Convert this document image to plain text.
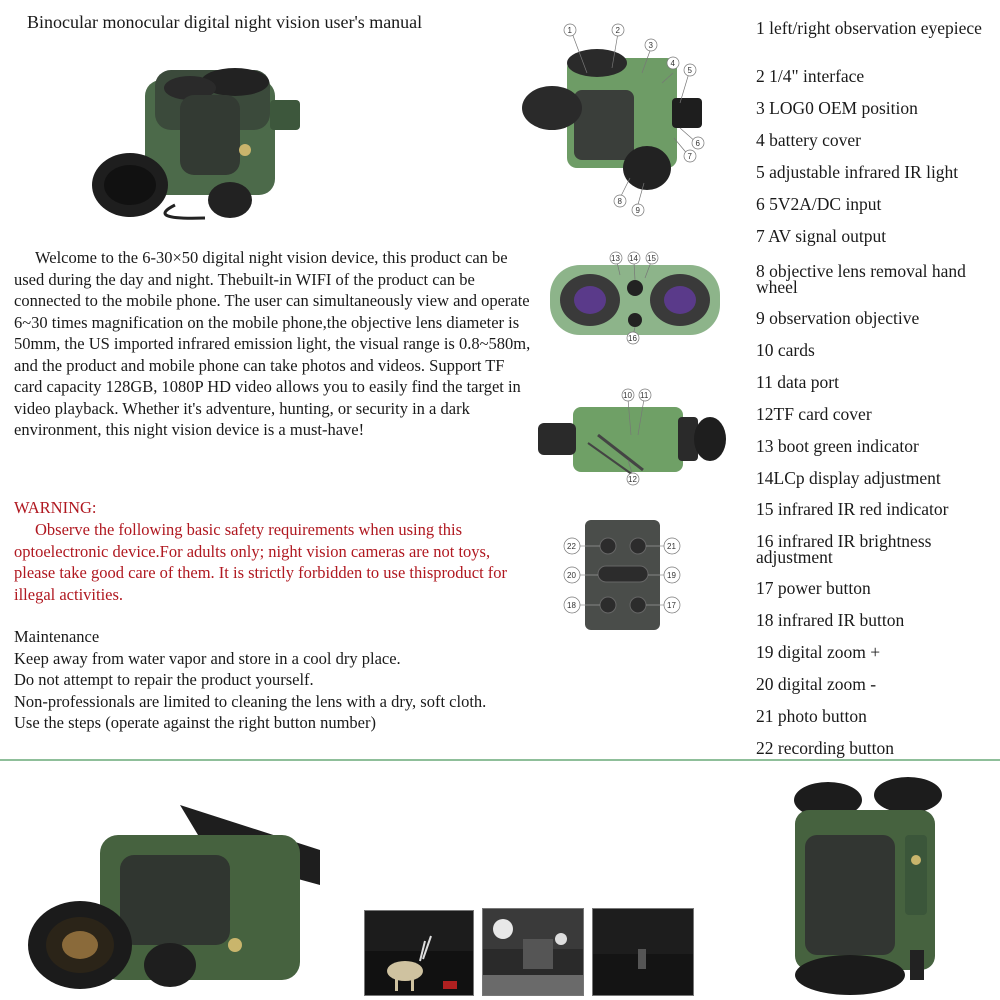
Binocular monocular digital night vision user's manual	1	2
3
4
5
6
7
8
9
13 14 15
16
10 11
12
22	21
20	19
18	17
Welcome to the 6-30×50 digital night vision device, this product can be used during the day and night. Thebuilt-in WIFI of the product can be connected to the mobile phone. The user can simultaneously view and operate 6~30 times magnification on the mobile phone,the objective lens diameter is 50mm, the US imported infrared emission light, the visual range is 0.8~580m, and the product and mobile phone can take photos and videos. Support TF card capacity 128GB, 1080P HD video allows you to easily find the target in video playback. Whether it's adventure, hunting, or security in a dark environment, this night vision device is a must-have!
WARNING:
Observe the following basic safety requirements when using this optoelectronic device.For adults only; night vision cameras are not toys, please take good care of them. It is strictly forbidden to use thisproduct for illegal activities.
Maintenance
Keep away from water vapor and store in a cool dry place.
Do not attempt to repair the product yourself.
Non-professionals are limited to cleaning the lens with a dry, soft cloth.
Use the steps (operate against the right button number)
1 left/right observation eyepiece
2 1/4" interface
3 LOG0 OEM position
4 battery cover
5 adjustable infrared IR light
6 5V2A/DC input
7 AV signal output
8 objective lens removal hand wheel
9 observation objective
10 cards
11 data port
12TF card cover
13 boot green indicator
14LCp display adjustment
15 infrared IR red indicator
16 infrared IR brightness adjustment
17 power button
18 infrared IR button
19 digital zoom +
20 digital zoom -
21 photo button
22 recording button
